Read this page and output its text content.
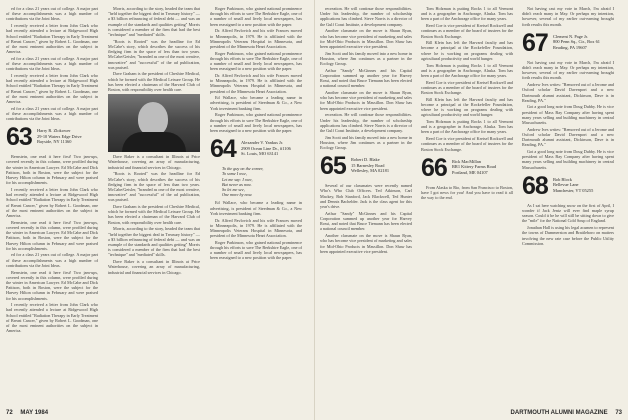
ed for a class 21 years out of college. A major part of these accomplishments was a high number of contributions via the Joint Ideas.

I recently received a letter from John Clark who had recently attended a lecture at Ridgewood High School entitled "Radiation Therapy in Early Treatment of Breast Cancer," given by Robert L. Goodman, one of the most eminent authorities on the subject in America.

ed for a class 21 years out of college. A major part of these accomplishments was a high number of contributions via the Joint Ideas.

I recently received a letter from John Clark who had recently attended a lecture at Ridgewood High School entitled "Radiation Therapy in Early Treatment of Breast Cancer," given by Robert L. Goodman, one of the most eminent authorities on the subject in America.

ed for a class 21 years out of college. A major part of these accomplishments was a high number of contributions via the Joint Ideas.

63 Harry R. Zlokower
29-10 Waters Edge Drive
Bayside, NY 11360

Bernstein, one read it here first! Two jam-ups, covered recently in this column, were profiled during the winter in American Lawyer. Ed McCabe and Dick Pattison, both in Boston, were the subject for the Harvey Hilton column in February and were praised for his accomplishments.

I recently received a letter from John Clark who had recently attended a lecture at Ridgewood High School entitled "Radiation Therapy in Early Treatment of Breast Cancer," given by Robert L. Goodman, one of the most eminent authorities on the subject in America.

Bernstein, one read it here first! Two jam-ups, covered recently in this column, were profiled during the winter in American Lawyer. Ed McCabe and Dick Pattison, both in Boston, were the subject for the Harvey Hilton column in February and were praised for his accomplishments.

ed for a class 21 years out of college. A major part of these accomplishments was a high number of contributions via the Joint Ideas.

Bernstein, one read it here first! Two jam-ups, covered recently in this column, were profiled during the winter in American Lawyer. Ed McCabe and Dick Pattison, both in Boston, were the subject for the Harvey Hilton column in February and were praised for his accomplishments.

I recently received a letter from John Clark who had recently attended a lecture at Ridgewood High School entitled "Radiation Therapy in Early Treatment of Breast Cancer," given by Robert L. Goodman, one of the most eminent authorities on the subject in America.

Morris, according to the story, headed the team that "held together the biggest deal in Treasury history" — a $3 billion refinancing of federal debt — and was an example of the standards and qualities getting" Morris is considered a member of the firm that had the best "technique" and "mediated" skills.

"Roots is Rooted" was the headline for Ed McCabe's story, which describes the success of his fledging firm in the space of less than two years. McCabe/Geisler, "branded as one of the most creative, innovative" and "successful" of the ad publication, was praised.

Dave Graham is the president of Cheshire Medical, which he formed with the Medical Leisure Group. He has been elected a chairman of the Harvard Club of Boston, with responsibility over health care.

Dave Baker is a consultant in Illinois at Price Waterhouse, covering an array of manufacturing, industrial and financial services in Chicago.

"Roots is Rooted" was the headline for Ed McCabe's story, which describes the success of his fledging firm in the space of less than two years. McCabe/Geisler, "branded as one of the most creative, innovative" and "successful" of the ad publication, was praised.

Dave Graham is the president of Cheshire Medical, which he formed with the Medical Leisure Group. He has been elected a chairman of the Harvard Club of Boston, with responsibility over health care.

Morris, according to the story, headed the team that "held together the biggest deal in Treasury history" — a $3 billion refinancing of federal debt — and was an example of the standards and qualities getting" Morris is considered a member of the firm that had the best "technique" and "mediated" skills.

Dave Baker is a consultant in Illinois at Price Waterhouse, covering an array of manufacturing, industrial and financial services in Chicago.

Roger Parkinson, who gained national prominence through his efforts to save The Berkshire Eagle, one of a number of small and lively local newspapers, has been reassigned to a new position with the paper.

Dr. Alfred Pavlovich and his wife Frances moved to Minneapolis, in 1979. He is affiliated with the Minneapolis Veterans Hospital in Minnesota, and president of the Minnesota Heart Association.

Roger Parkinson, who gained national prominence through his efforts to save The Berkshire Eagle, one of a number of small and lively local newspapers, has been reassigned to a new position with the paper.

Dr. Alfred Pavlovich and his wife Frances moved to Minneapolis, in 1979. He is affiliated with the Minneapolis Veterans Hospital in Minnesota, and president of the Minnesota Heart Association.

Ed Wallace, who became a leading name in advertising, is president of Steedman & Co., a New York investment banking firm.

Roger Parkinson, who gained national prominence through his efforts to save The Berkshire Eagle, one of a number of small and lively local newspapers, has been reassigned to a new position with the paper.

64 Alexander V. Yankus Jr.
2909 Ocean Line Dr., #1106
St. Louis, MO 63141
To the guy on the corner,
To some I owe,
Let me say: I owe,
But never as now.
So let me see,
One more by now.

Ed Wallace, who became a leading name in advertising, is president of Steedman & Co., a New York investment banking firm.

Dr. Alfred Pavlovich and his wife Frances moved to Minneapolis, in 1979. He is affiliated with the Minneapolis Veterans Hospital in Minnesota, and president of the Minnesota Heart Association.

Roger Parkinson, who gained national prominence through his efforts to save The Berkshire Eagle, one of a number of small and lively local newspapers, has been reassigned to a new position with the paper.

72 MAY 1984

recreation. He will continue those responsibilities. Under his leadership, the number of scholarship applications has climbed. Steve Norris is a director of the Gulf Coast Institute, a development company.

Another classmate on the move is Shaun Ryan, who has become vice president of marketing and sales for Mid-Ohio Products in Massillon. Don Shaw has been appointed executive vice president.

Jim Scott and his family moved into a new home in Houston, where Jim continues as a partner in the Ecology Group.

Arthur "Sandy" McGinnes and his Capital Corporation summed up another year for Harvey Rossi, and noted that Bruce Tiemann has been elected a national council member.

Another classmate on the move is Shaun Ryan, who has become vice president of marketing and sales for Mid-Ohio Products in Massillon. Don Shaw has been appointed executive vice president.

recreation. He will continue those responsibilities. Under his leadership, the number of scholarship applications has climbed. Steve Norris is a director of the Gulf Coast Institute, a development company.

Jim Scott and his family moved into a new home in Houston, where Jim continues as a partner in the Ecology Group.

65 Robert D. Blake
15 Barnesley Road
Wellesley, MA 02181

Several of our classmates were recently named Who's Who Club Officers. Ted Atkinson, Carl Mackey, Bob Stanford, Jack Blackwell, Ted Hunter and Dennis Bachelder. Jack is the class agent for this year's drive.

Arthur "Sandy" McGinnes and his Capital Corporation summed up another year for Harvey Rossi, and noted that Bruce Tiemann has been elected a national council member.

Another classmate on the move is Shaun Ryan, who has become vice president of marketing and sales for Mid-Ohio Products in Massillon. Don Shaw has been appointed executive vice president.

Tom Holzman is putting Rocks 1 to all Vermont and is a geographer in Anchorage, Alaska. Tom has been a part of the Anchorage office for many years.

Reed Coe is vice president of Kreisel Rockwell and continues as a member of the board of trustees for the Boston Stock Exchange.

Bill Klein has left the Harvard faculty and has become a principal at the Rockefeller Foundation, where he is working on programs dealing with agricultural productivity and world hunger.

Tom Holzman is putting Rocks 1 to all Vermont and is a geographer in Anchorage, Alaska. Tom has been a part of the Anchorage office for many years.

Reed Coe is vice president of Kreisel Rockwell and continues as a member of the board of trustees for the Boston Stock Exchange.

Bill Klein has left the Harvard faculty and has become a principal at the Rockefeller Foundation, where he is working on programs dealing with agricultural productivity and world hunger.

Tom Holzman is putting Rocks 1 to all Vermont and is a geographer in Anchorage, Alaska. Tom has been a part of the Anchorage office for many years.

Reed Coe is vice president of Kreisel Rockwell and continues as a member of the board of trustees for the Boston Stock Exchange.

66 Rick MacMillan
RR1 Kittery Farms Road
Portland, ME 04107

From Alaska to Rio, from San Francisco to Boston, have I got news for you! And you have to read it all the way to the end.

Not having cast my vote in March, I'm afraid I didn't reach many in May. Or perhaps my intention, however, several of my earlier out-earning brought forth results this month.

67 Clement N. Page Jr.
800 Penn Sq., Cir., Box 61
Reading, PA 19607

Not having cast my vote in March, I'm afraid I didn't reach many in May. Or perhaps my intention, however, several of my earlier out-earning brought forth results this month.

Andrew Ives writes: "Removed out of a Jerome and Oxford scholar David Davenport and a new Dartmouth alumni assistant, Dickinson, Dave is in Reading, PA."

Got a good long note from Doug Dubby. He is vice president of Mass Bay Company after having spent many years selling and building machinery in central Massachusetts.

Andrew Ives writes: "Removed out of a Jerome and Oxford scholar David Davenport and a new Dartmouth alumni assistant, Dickinson, Dave is in Reading, PA."

Got a good long note from Doug Dubby. He is vice president of Mass Bay Company after having spent many years selling and building machinery in central Massachusetts.

68 Bob Block
Bellevue Lane
Manchester, VT 05255

As I sat here watching snow on the first of April, I wonder if Jack Jentz will ever find maple syrup season. Could it be he will still be sitting down to give the "mile" for the National Cold Soup of England.

Jonathan Hall is using his legal acumen to represent the towns of Dummerston and Brattleboro on matters involving the new rate case before the Public Utility Commission.

DARTMOUTH ALUMNI MAGAZINE 73
